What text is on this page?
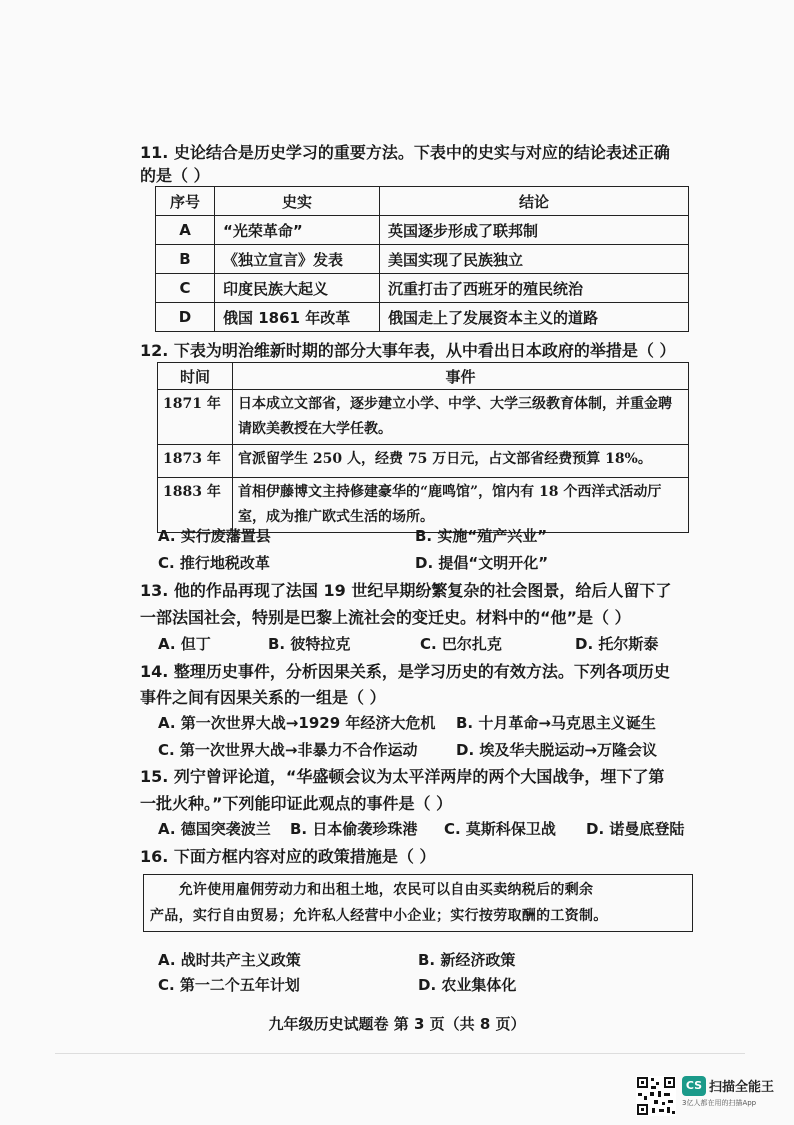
11. 史论结合是历史学习的重要方法。下表中的史实与对应的结论表述正确
的是（ ）
序号	史实	结论
A	“光荣革命”	英国逐步形成了联邦制
B	《独立宣言》发表	美国实现了民族独立
C	印度民族大起义	沉重打击了西班牙的殖民统治
D	俄国 1861 年改革	俄国走上了发展资本主义的道路
12. 下表为明治维新时期的部分大事年表，从中看出日本政府的举措是（ ）
时间	事件
1871 年	日本成立文部省，逐步建立小学、中学、大学三级教育体制，并重金聘请欧美教授在大学任教。
1873 年	官派留学生 250 人，经费 75 万日元，占文部省经费预算 18%。
1883 年	首相伊藤博文主持修建豪华的“鹿鸣馆”，馆内有 18 个西洋式活动厅室，成为推广欧式生活的场所。
A. 实行废藩置县	B. 实施“殖产兴业”
C. 推行地税改革	D. 提倡“文明开化”
13. 他的作品再现了法国 19 世纪早期纷繁复杂的社会图景，给后人留下了
一部法国社会，特别是巴黎上流社会的变迁史。材料中的“他”是（ ）
A. 但丁	B. 彼特拉克	C. 巴尔扎克	D. 托尔斯泰
14. 整理历史事件，分析因果关系，是学习历史的有效方法。下列各项历史
事件之间有因果关系的一组是（ ）
A. 第一次世界大战→1929 年经济大危机 B. 十月革命→马克思主义诞生
C. 第一次世界大战→非暴力不合作运动	D. 埃及华夫脱运动→万隆会议
15. 列宁曾评论道，“华盛顿会议为太平洋两岸的两个大国战争，埋下了第
一批火种。”下列能印证此观点的事件是（ ）
A. 德国突袭波兰 B. 日本偷袭珍珠港 C. 莫斯科保卫战 D. 诺曼底登陆
16. 下面方框内容对应的政策措施是（ ）
　　允许使用雇佣劳动力和出租土地，农民可以自由买卖纳税后的剩余
产品，实行自由贸易；允许私人经营中小企业；实行按劳取酬的工资制。
A. 战时共产主义政策	B. 新经济政策
C. 第一二个五年计划	D. 农业集体化
九年级历史试题卷 第 3 页（共 8 页）
CS 扫描全能王
3亿人都在用的扫描App
